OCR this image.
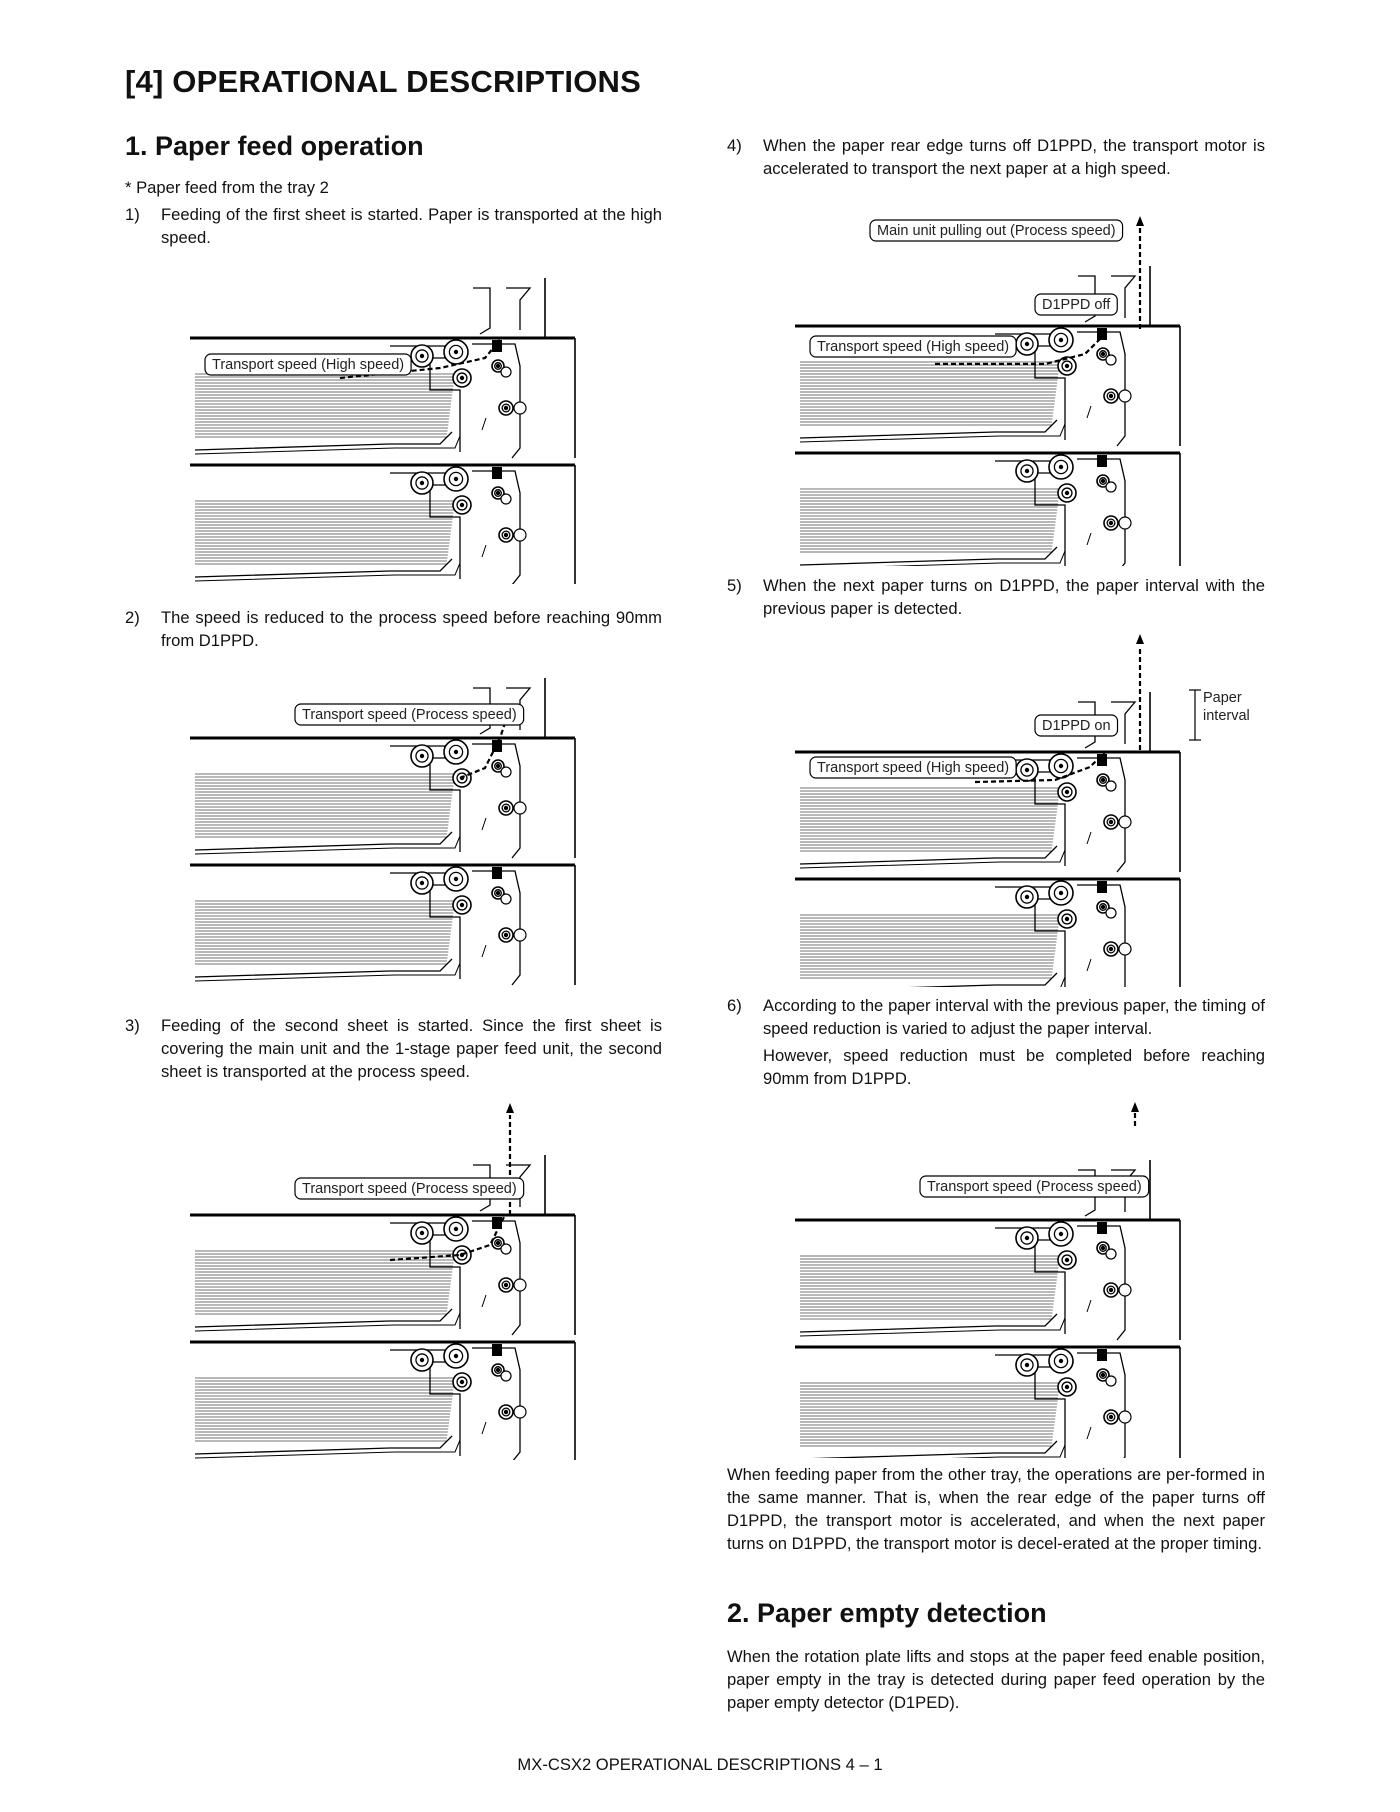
[4] OPERATIONAL DESCRIPTIONS
1. Paper feed operation
* Paper feed from the tray 2
1) Feeding of the first sheet is started. Paper is transported at the high speed.
2) The speed is reduced to the process speed before reaching 90mm from D1PPD.
3) Feeding of the second sheet is started. Since the first sheet is covering the main unit and the 1-stage paper feed unit, the second sheet is transported at the process speed.
4) When the paper rear edge turns off D1PPD, the transport motor is accelerated to transport the next paper at a high speed.
5) When the next paper turns on D1PPD, the paper interval with the previous paper is detected.
6) According to the paper interval with the previous paper, the timing of speed reduction is varied to adjust the paper interval.
However, speed reduction must be completed before reaching 90mm from D1PPD.
When feeding paper from the other tray, the operations are per-formed in the same manner. That is, when the rear edge of the paper turns off D1PPD, the transport motor is accelerated, and when the next paper turns on D1PPD, the transport motor is decel-erated at the proper timing.
2. Paper empty detection
When the rotation plate lifts and stops at the paper feed enable position, paper empty in the tray is detected during paper feed operation by the paper empty detector (D1PED).
Transport speed (High speed)
Transport speed (Process speed)
Transport speed (Process speed)
Transport speed (High speed)
Main unit pulling out (Process speed)
D1PPD off
Transport speed (High speed)
D1PPD on
Paper
interval
Transport speed (Process speed)
MX-CSX2 OPERATIONAL DESCRIPTIONS 4 – 1
